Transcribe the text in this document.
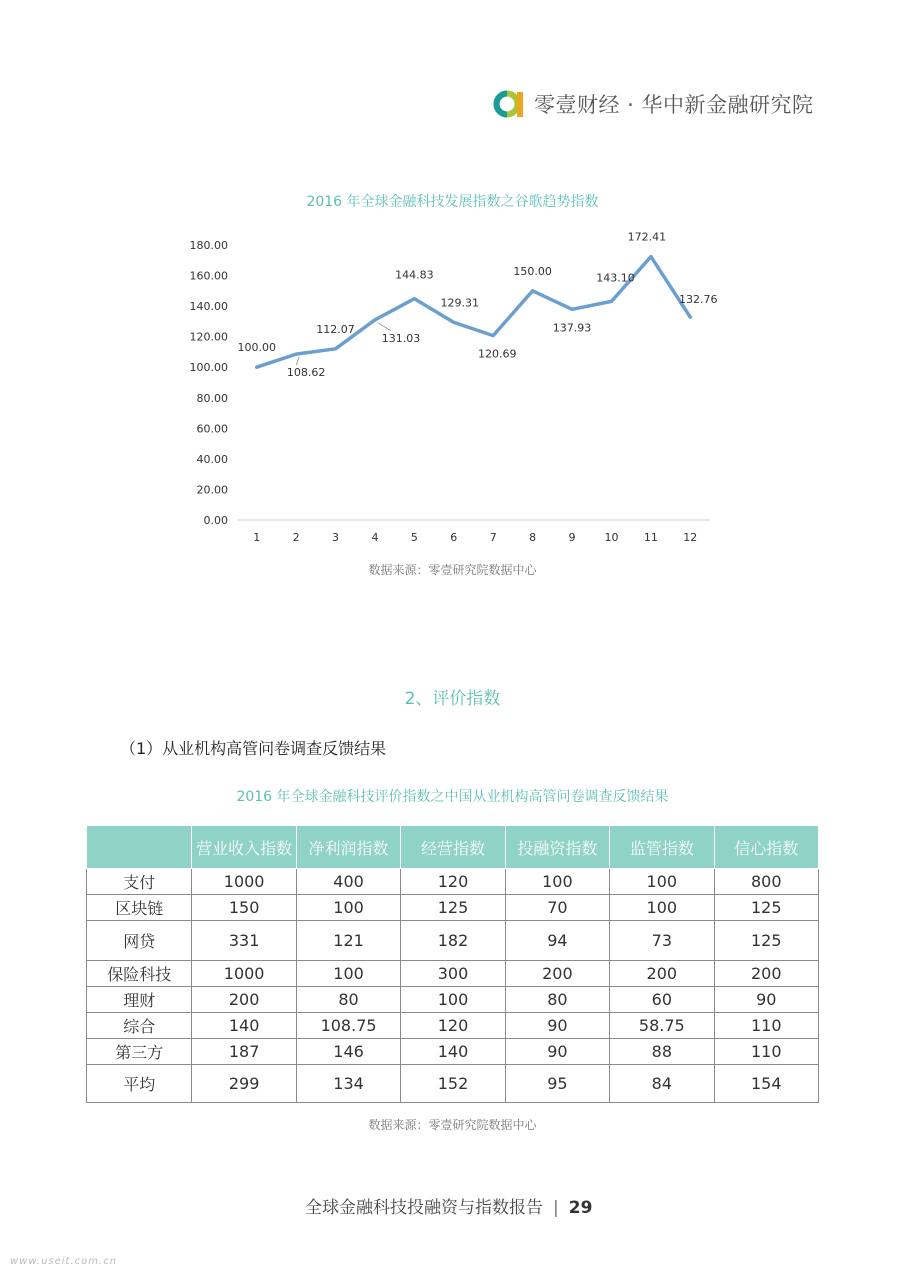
零壹财经 · 华中新金融研究院
2016 年全球金融科技发展指数之谷歌趋势指数
0.00
20.00
40.00
60.00
80.00
100.00
120.00
140.00
160.00
180.00
1	2	3	4	5	6	7	8	9	10 11 12
100.00
108.62
112.07
131.03
144.83
129.31
120.69
150.00
137.93
143.10
172.41
132.76
数据来源：零壹研究院数据中心
2、评价指数
（1）从业机构高管问卷调查反馈结果
2016 年全球金融科技评价指数之中国从业机构高管问卷调查反馈结果
	营业收入指数	净利润指数	经营指数	投融资指数	监管指数	信心指数
支付	1000	400	120	100	100	800
区块链	150	100	125	70	100	125
网贷	331	121	182	94	73	125
保险科技	1000	100	300	200	200	200
理财	200	80	100	80	60	90
综合	140	108.75	120	90	58.75	110
第三方	187	146	140	90	88	110
平均	299	134	152	95	84	154
数据来源：零壹研究院数据中心
全球金融科技投融资与指数报告 | 29
www.useit.com.cn
